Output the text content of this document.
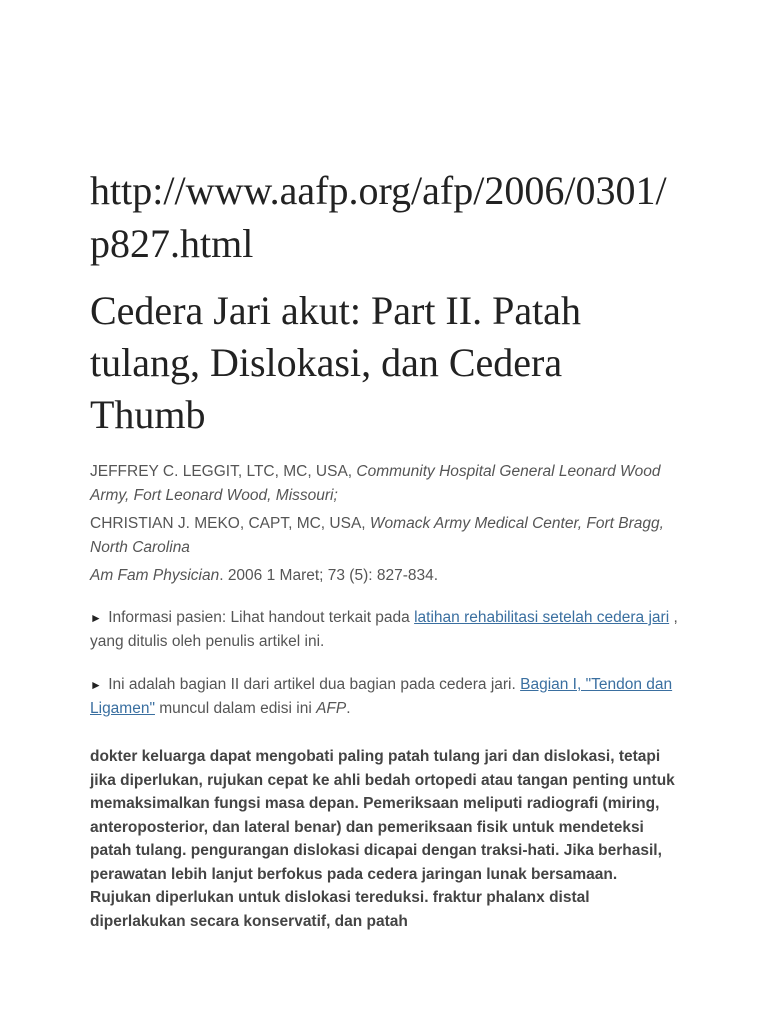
http://www.aafp.org/afp/2006/0301/p827.html

Cedera Jari akut: Part II. Patah tulang, Dislokasi, dan Cedera Thumb

JEFFREY C. LEGGIT, LTC, MC, USA, Community Hospital General Leonard Wood Army, Fort Leonard Wood, Missouri;

CHRISTIAN J. MEKO, CAPT, MC, USA, Womack Army Medical Center, Fort Bragg, North Carolina

Am Fam Physician. 2006 1 Maret; 73 (5): 827-834.

► Informasi pasien: Lihat handout terkait pada latihan rehabilitasi setelah cedera jari , yang ditulis oleh penulis artikel ini.

► Ini adalah bagian II dari artikel dua bagian pada cedera jari. Bagian I, "Tendon dan Ligamen" muncul dalam edisi ini AFP.

dokter keluarga dapat mengobati paling patah tulang jari dan dislokasi, tetapi jika diperlukan, rujukan cepat ke ahli bedah ortopedi atau tangan penting untuk memaksimalkan fungsi masa depan. Pemeriksaan meliputi radiografi (miring, anteroposterior, dan lateral benar) dan pemeriksaan fisik untuk mendeteksi patah tulang. pengurangan dislokasi dicapai dengan traksi-hati. Jika berhasil, perawatan lebih lanjut berfokus pada cedera jaringan lunak bersamaan. Rujukan diperlukan untuk dislokasi tereduksi. fraktur phalanx distal diperlakukan secara konservatif, dan patah
